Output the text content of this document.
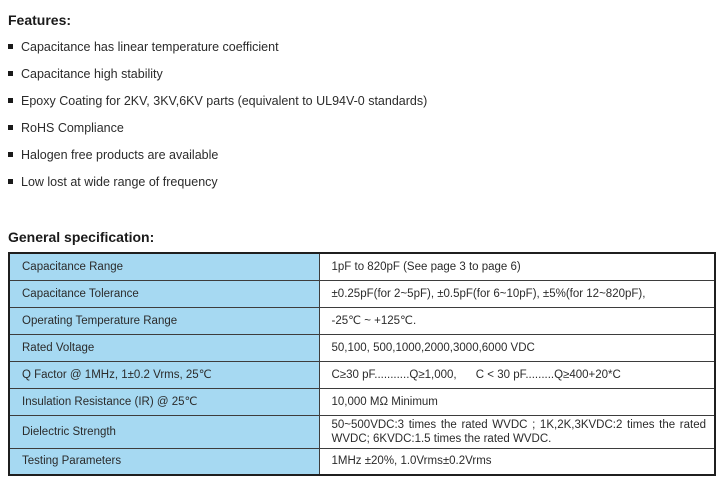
Features:
Capacitance has linear temperature coefficient
Capacitance high stability
Epoxy Coating for 2KV, 3KV,6KV parts (equivalent to UL94V-0 standards)
RoHS Compliance
Halogen free products are available
Low lost at wide range of frequency
General specification:
Capacitance Range	1pF to 820pF (See page 3 to page 6)
Capacitance Tolerance	±0.25pF(for 2~5pF), ±0.5pF(for 6~10pF), ±5%(for 12~820pF),
Operating Temperature Range	-25℃ ~ +125℃.
Rated Voltage	50,100, 500,1000,2000,3000,6000 VDC
Q Factor @ 1MHz, 1±0.2 Vrms, 25℃	C≥30 pF...........Q≥1,000,      C < 30 pF.........Q≥400+20*C
Insulation Resistance (IR) @ 25℃	10,000 MΩ Minimum
Dielectric Strength	50~500VDC:3 times the rated WVDC ; 1K,2K,3KVDC:2 times the rated WVDC; 6KVDC:1.5 times the rated WVDC.
Testing Parameters	1MHz ±20%, 1.0Vrms±0.2Vrms
